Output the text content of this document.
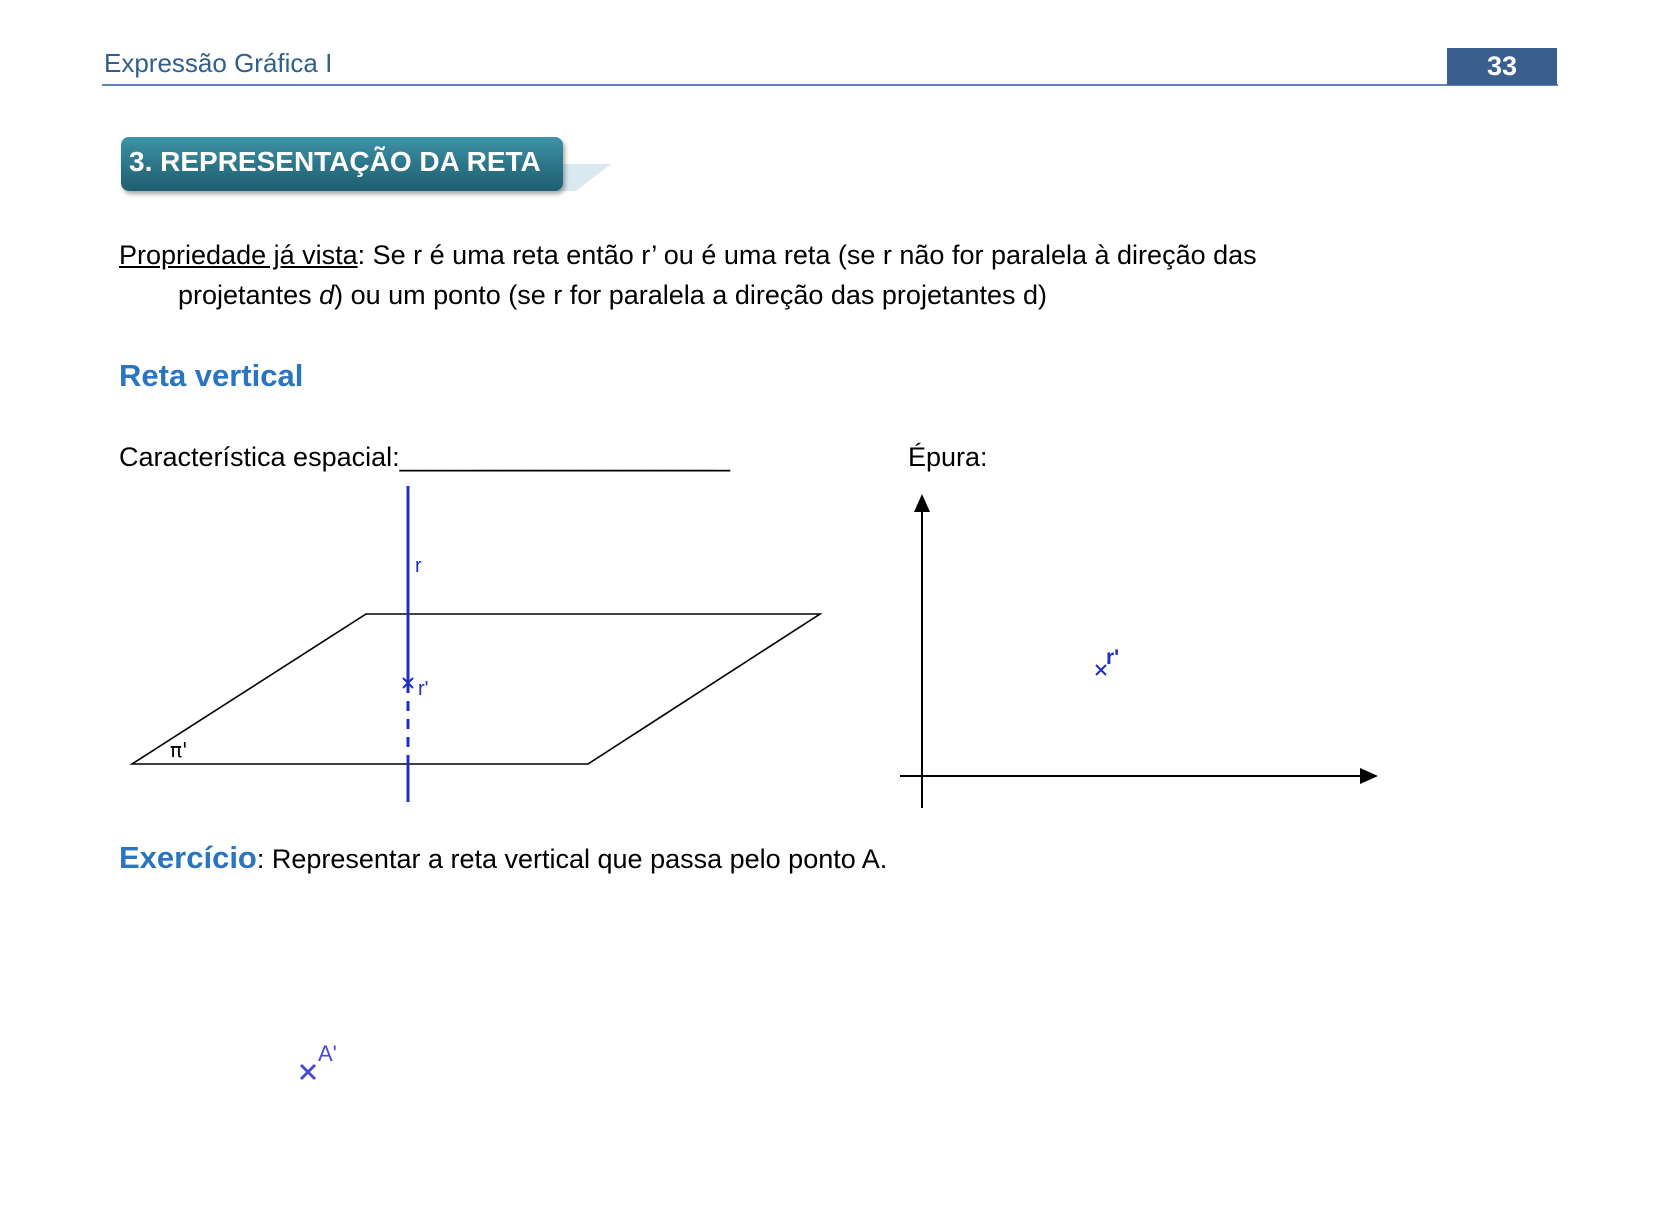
Expressão Gráfica I	33
3. REPRESENTAÇÃO DA RETA
Propriedade já vista: Se r é uma reta então r’ ou é uma reta (se r não for paralela à direção das
projetantes d) ou um ponto (se r for paralela a direção das projetantes d)
Reta vertical
Característica espacial:______________________	Épura:
r
r'
π'
r'
A'
Exercício: Representar a reta vertical que passa pelo ponto A.
